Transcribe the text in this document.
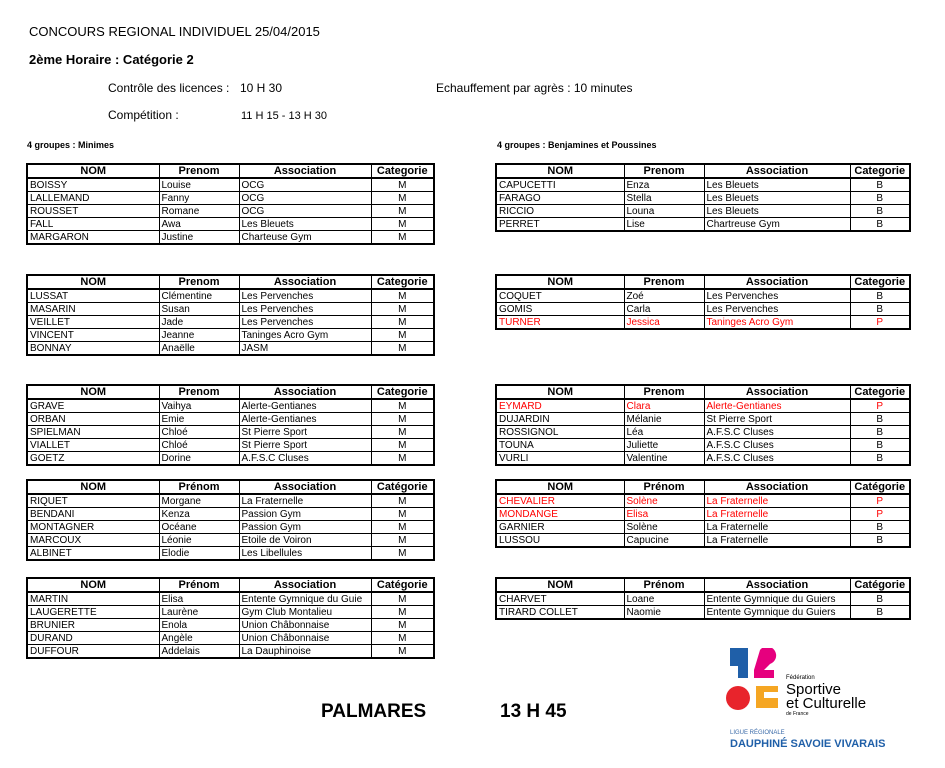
CONCOURS REGIONAL INDIVIDUEL 25/04/2015
2ème Horaire : Catégorie 2
Contrôle des licences : 10 H 30	Echauffement par agrès : 10 minutes
Compétition :	11 H 15 - 13 H 30
4 groupes : Minimes	4 groupes : Benjamines et Poussines
NOM	Prenom	Association	Categorie
BOISSY	Louise	OCG	M
LALLEMAND	Fanny	OCG	M
ROUSSET	Romane	OCG	M
FALL	Awa	Les Bleuets	M
MARGARON	Justine	Charteuse Gym	M
NOM	Prenom	Association	Categorie
LUSSAT	Clémentine	Les Pervenches	M
MASARIN	Susan	Les Pervenches	M
VEILLET	Jade	Les Pervenches	M
VINCENT	Jeanne	Taninges Acro Gym	M
BONNAY	Anaëlle	JASM	M
NOM	Prenom	Association	Categorie
GRAVE	Vaihya	Alerte-Gentianes	M
ORBAN	Emie	Alerte-Gentianes	M
SPIELMAN	Chloé	St Pierre Sport	M
VIALLET	Chloé	St Pierre Sport	M
GOETZ	Dorine	A.F.S.C Cluses	M
NOM	Prénom	Association	Catégorie
RIQUET	Morgane	La Fraternelle	M
BENDANI	Kenza	Passion Gym	M
MONTAGNER	Océane	Passion Gym	M
MARCOUX	Léonie	Etoile de Voiron	M
ALBINET	Elodie	Les Libellules	M
NOM	Prénom	Association	Catégorie
MARTIN	Elisa	Entente Gymnique du Guie	M
LAUGERETTE	Laurène	Gym Club Montalieu	M
BRUNIER	Enola	Union Châbonnaise	M
DURAND	Angèle	Union Châbonnaise	M
DUFFOUR	Addelais	La Dauphinoise	M
NOM	Prenom	Association	Categorie
CAPUCETTI	Enza	Les Bleuets	B
FARAGO	Stella	Les Bleuets	B
RICCIO	Louna	Les Bleuets	B
PERRET	Lise	Chartreuse Gym	B
NOM	Prenom	Association	Categorie
COQUET	Zoé	Les Pervenches	B
GOMIS	Carla	Les Pervenches	B
TURNER	Jessica	Taninges Acro Gym	P
NOM	Prenom	Association	Categorie
EYMARD	Clara	Alerte-Gentianes	P
DUJARDIN	Mélanie	St Pierre Sport	B
ROSSIGNOL	Léa	A.F.S.C Cluses	B
TOUNA	Juliette	A.F.S.C Cluses	B
VURLI	Valentine	A.F.S.C Cluses	B
NOM	Prénom	Association	Catégorie
CHEVALIER	Solène	La Fraternelle	P
MONDANGE	Elisa	La Fraternelle	P
GARNIER	Solène	La Fraternelle	B
LUSSOU	Capucine	La Fraternelle	B
NOM	Prénom	Association	Catégorie
CHARVET	Loane	Entente Gymnique du Guiers	B
TIRARD COLLET	Naomie	Entente Gymnique du Guiers	B
PALMARES	13 H 45
Fédération
Sportive
et Culturelle
de France
LIGUE RÉGIONALE
DAUPHINÉ SAVOIE VIVARAIS
